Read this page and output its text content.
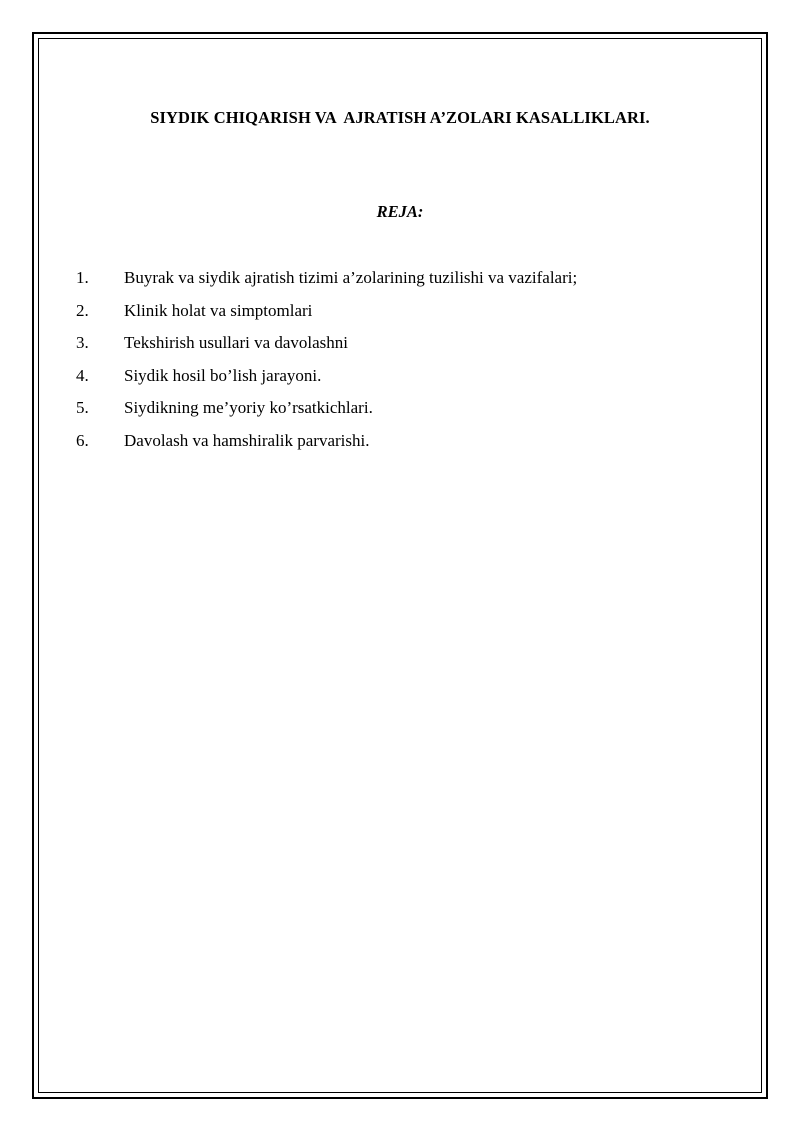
SIYDIK CHIQARISH VA  AJRATISH A’ZOLARI KASALLIKLARI.
REJA:
1. Buyrak va siydik ajratish tizimi a’zolarining tuzilishi va vazifalari;
2. Klinik holat va simptomlari
3. Tekshirish usullari va davolashni
4. Siydik hosil bo’lish jarayoni.
5. Siydikning me’yoriy ko’rsatkichlari.
6. Davolash va hamshiralik parvarishi.
